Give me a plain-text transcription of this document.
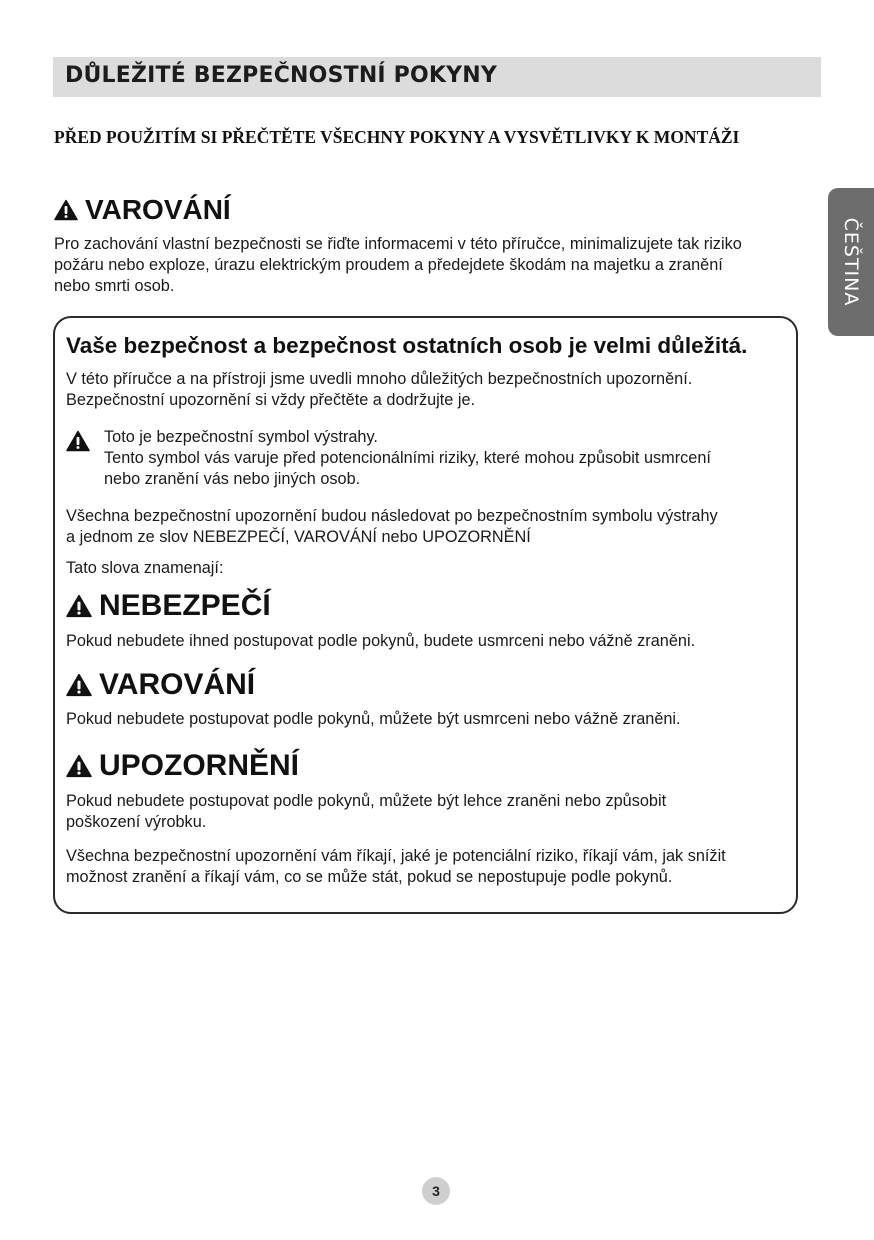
DŮLEŽITÉ BEZPEČNOSTNÍ POKYNY
PŘED POUŽITÍM SI PŘEČTĚTE VŠECHNY POKYNY A VYSVĚTLIVKY K MONTÁŽI
ČEŠTINA
VAROVÁNÍ
Pro zachování vlastní bezpečnosti se řiďte informacemi v této příručce, minimalizujete tak riziko
požáru nebo exploze, úrazu elektrickým proudem a předejdete škodám na majetku a zranění
nebo smrti osob.
Vaše bezpečnost a bezpečnost ostatních osob je velmi důležitá.
V této příručce a na přístroji jsme uvedli mnoho důležitých bezpečnostních upozornění.
Bezpečnostní upozornění si vždy přečtěte a dodržujte je.
Toto je bezpečnostní symbol výstrahy.
Tento symbol vás varuje před potencionálními riziky, které mohou způsobit usmrcení
nebo zranění vás nebo jiných osob.
Všechna bezpečnostní upozornění budou následovat po bezpečnostním symbolu výstrahy
a jednom ze slov NEBEZPEČÍ, VAROVÁNÍ nebo UPOZORNĚNÍ
Tato slova znamenají:
NEBEZPEČÍ
Pokud nebudete ihned postupovat podle pokynů, budete usmrceni nebo vážně zraněni.
VAROVÁNÍ
Pokud nebudete postupovat podle pokynů, můžete být usmrceni nebo vážně zraněni.
UPOZORNĚNÍ
Pokud nebudete postupovat podle pokynů, můžete být lehce zraněni nebo způsobit
poškození výrobku.
Všechna bezpečnostní upozornění vám říkají, jaké je potenciální riziko, říkají vám, jak snížit
možnost zranění a říkají vám, co se může stát, pokud se nepostupuje podle pokynů.
3
